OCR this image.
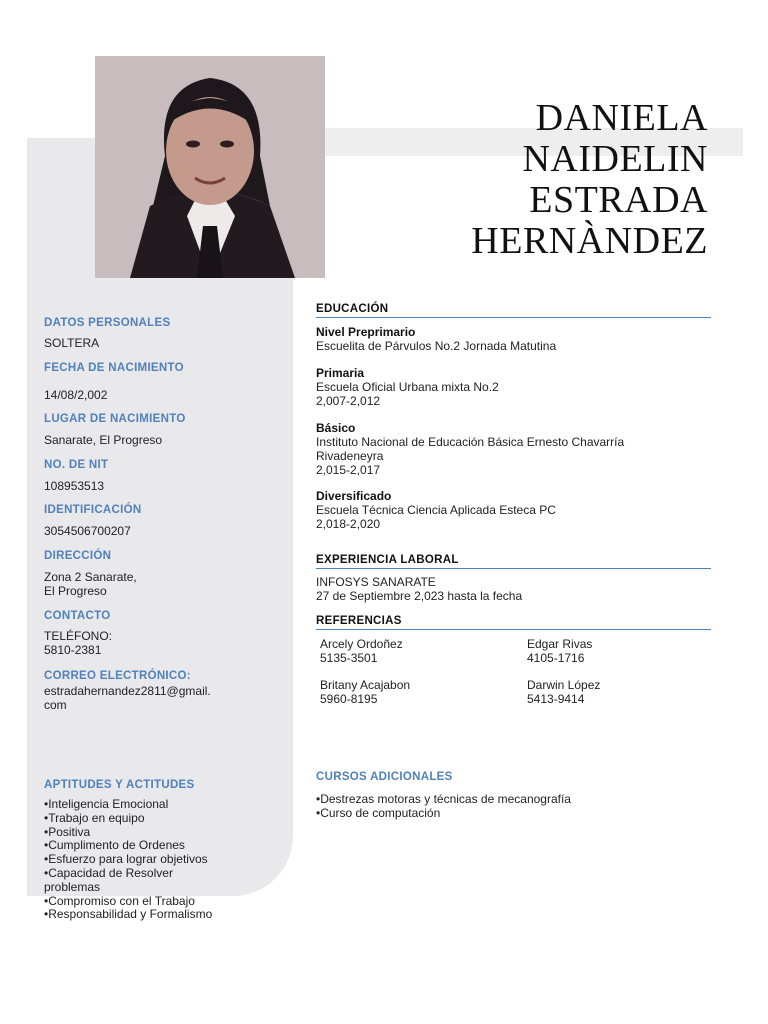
DANIELA
NAIDELIN
ESTRADA
HERNÀNDEZ
DATOS PERSONALES
SOLTERA
FECHA DE NACIMIENTO
14/08/2,002
LUGAR DE NACIMIENTO
Sanarate, El Progreso
NO. DE NIT
108953513
IDENTIFICACIÓN
3054506700207
DIRECCIÓN
Zona 2 Sanarate,
El Progreso
CONTACTO
TELÉFONO:
5810-2381
CORREO ELECTRÓNICO:
estradahernandez2811@gmail.
com
APTITUDES Y ACTITUDES
•Inteligencia Emocional
•Trabajo en equipo
•Positiva
•Cumplimento de Ordenes
•Esfuerzo para lograr objetivos
•Capacidad de Resolver
problemas
•Compromiso con el Trabajo
•Responsabilidad y Formalismo
EDUCACIÓN
Nivel Preprimario
Escuelita de Párvulos No.2 Jornada Matutina
Primaria
Escuela Oficial Urbana mixta No.2
2,007-2,012
Básico
Instituto Nacional de Educación Básica Ernesto Chavarría
Rivadeneyra
2,015-2,017
Diversificado
Escuela Técnica Ciencia Aplicada Esteca PC
2,018-2,020
EXPERIENCIA LABORAL
INFOSYS SANARATE
27 de Septiembre 2,023 hasta la fecha
REFERENCIAS
Arcely Ordoñez
5135-3501
Edgar Rivas
4105-1716
Britany Acajabon
5960-8195
Darwin López
5413-9414
CURSOS ADICIONALES
•Destrezas motoras y técnicas de mecanografía
•Curso de computación
